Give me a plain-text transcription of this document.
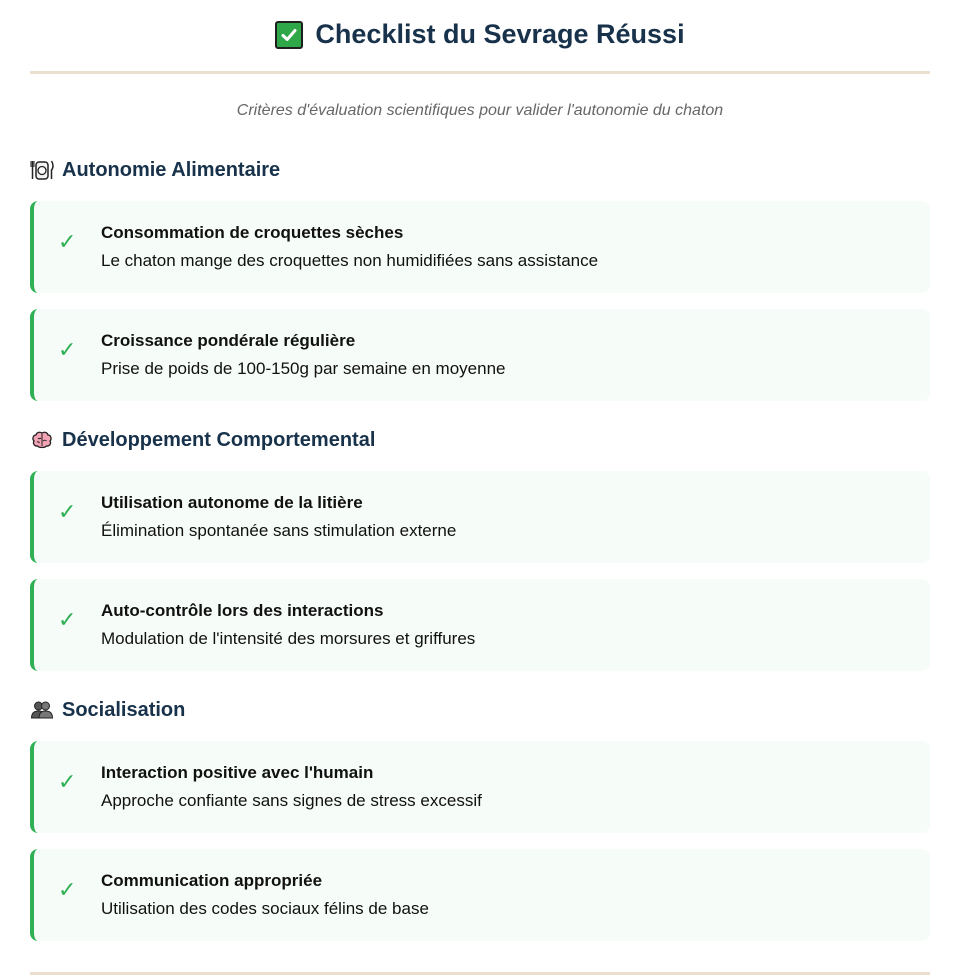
Checklist du Sevrage Réussi
Critères d'évaluation scientifiques pour valider l'autonomie du chaton
Autonomie Alimentaire
✓ Consommation de croquettes sèches
Le chaton mange des croquettes non humidifiées sans assistance
✓ Croissance pondérale régulière
Prise de poids de 100-150g par semaine en moyenne
Développement Comportemental
✓ Utilisation autonome de la litière
Élimination spontanée sans stimulation externe
✓ Auto-contrôle lors des interactions
Modulation de l'intensité des morsures et griffures
Socialisation
✓ Interaction positive avec l'humain
Approche confiante sans signes de stress excessif
✓ Communication appropriée
Utilisation des codes sociaux félins de base
